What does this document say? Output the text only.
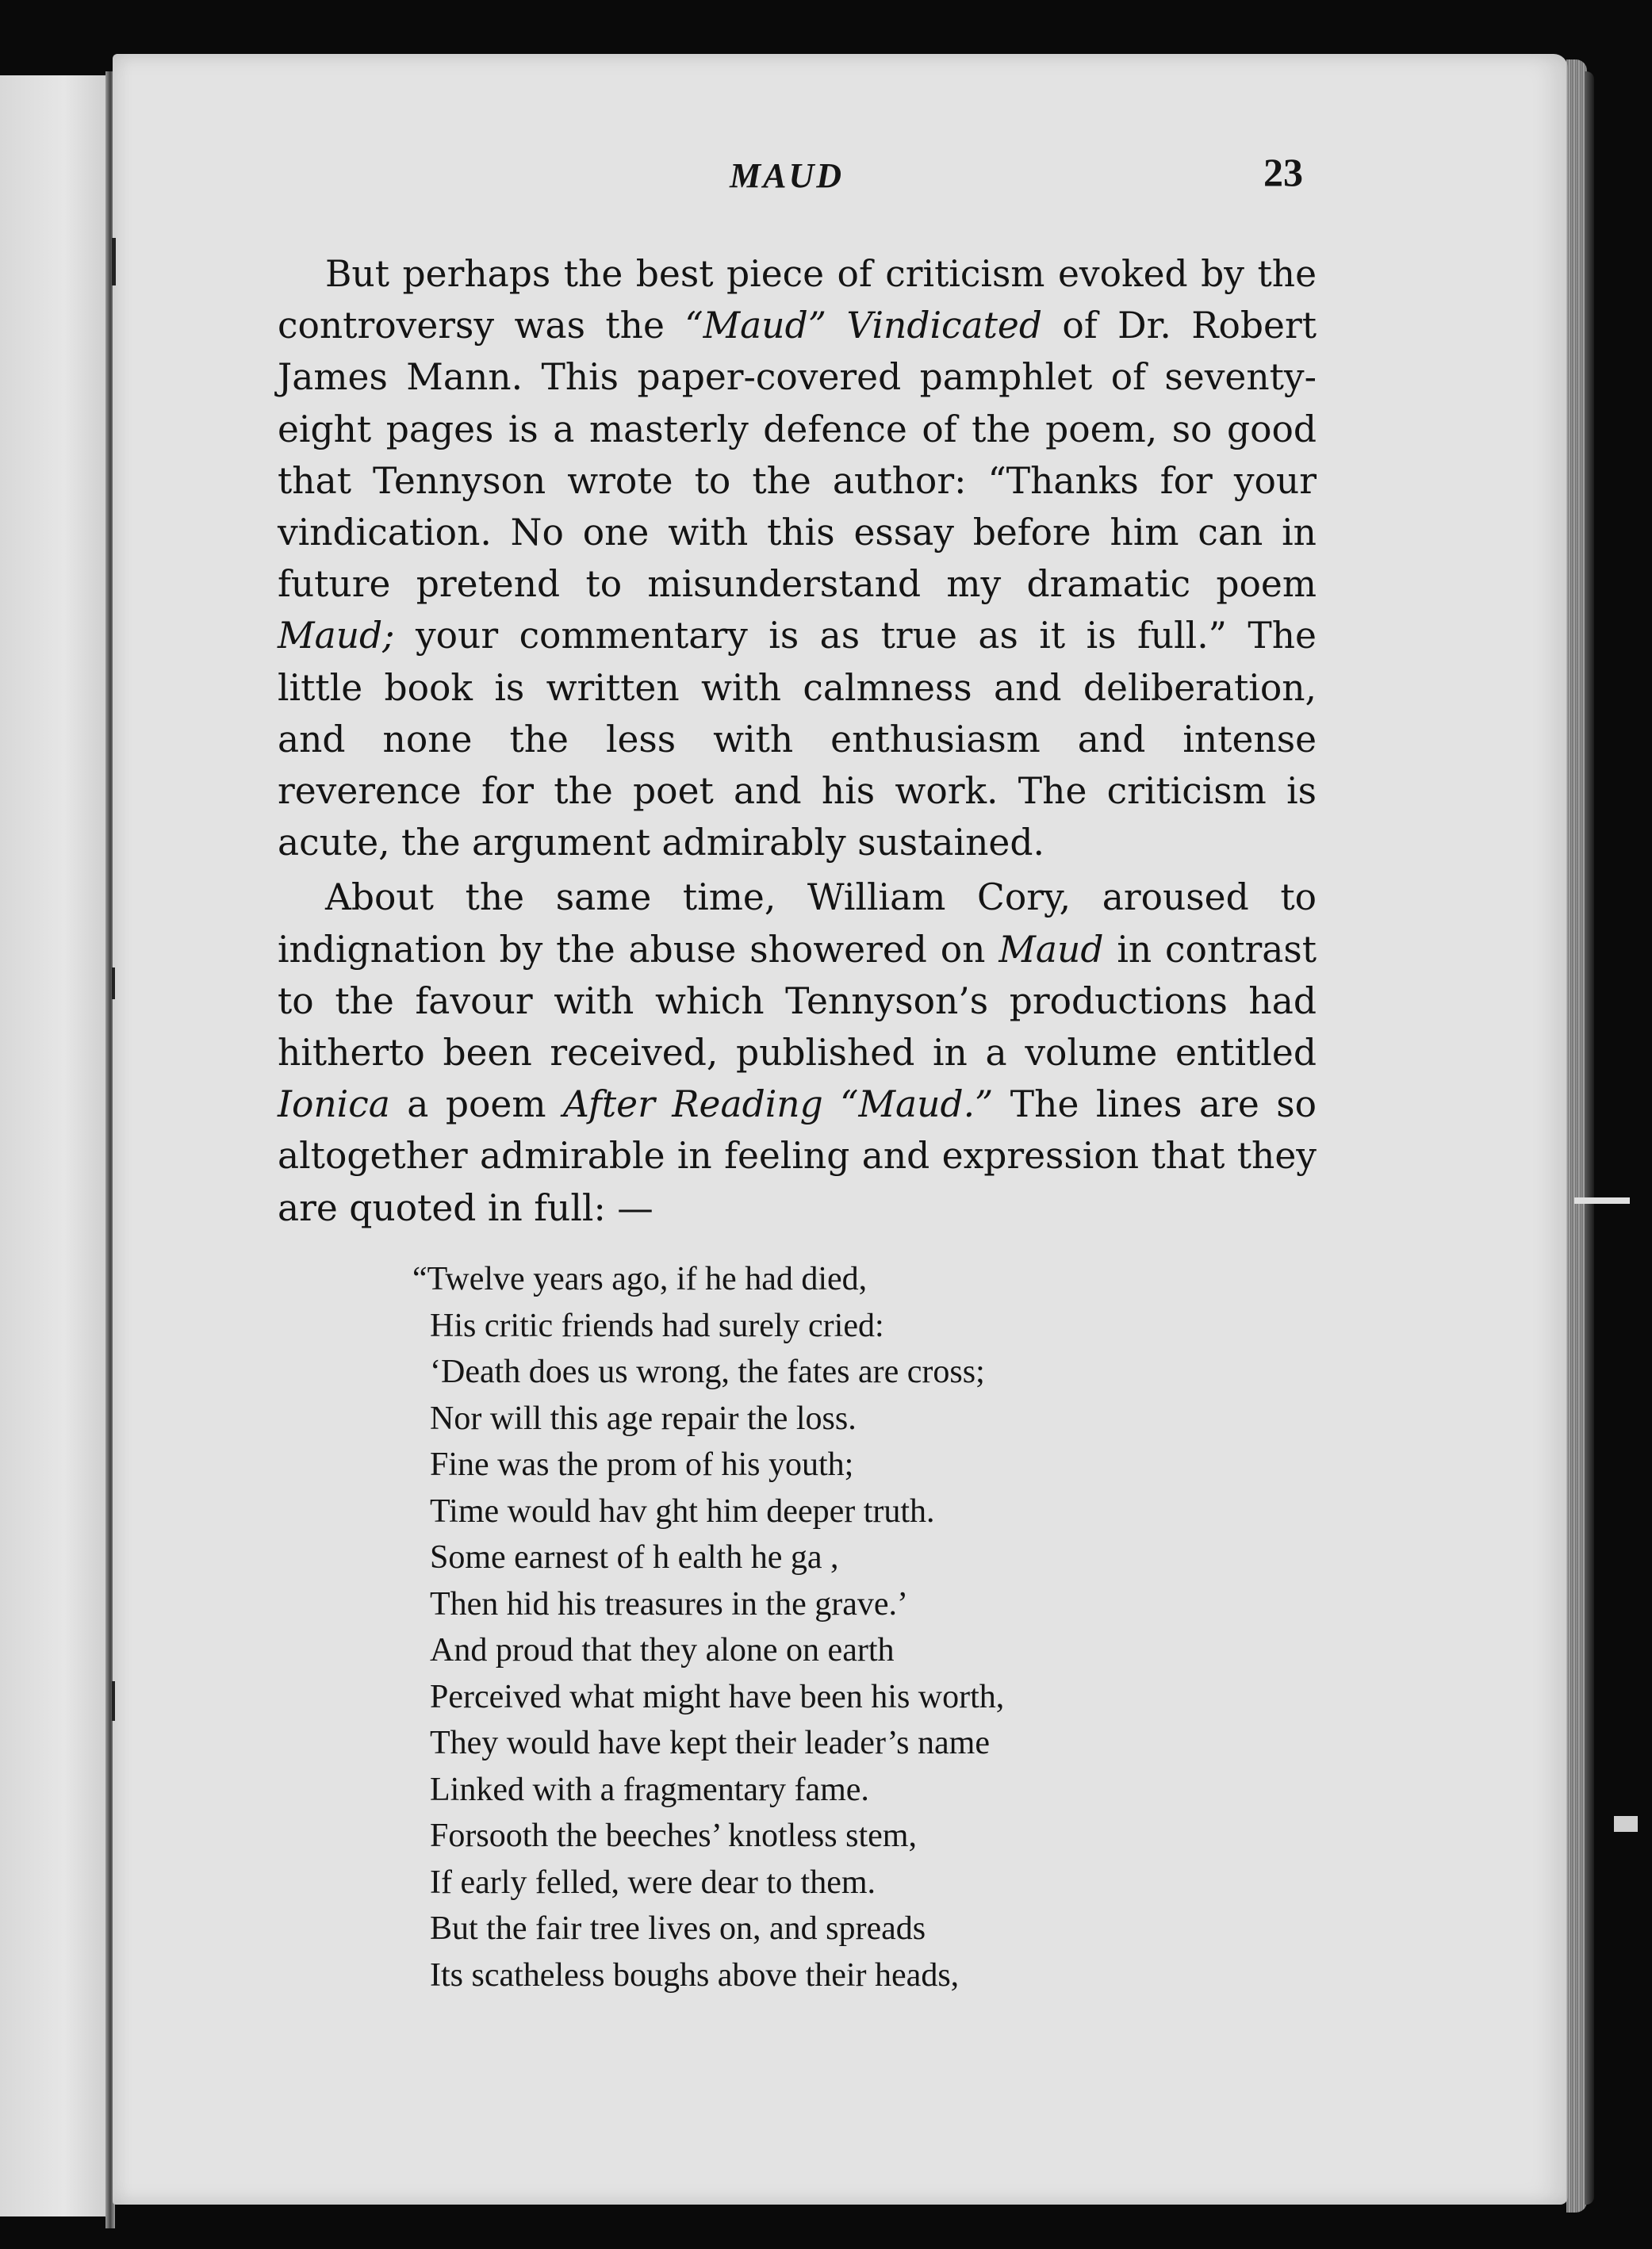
MAUD	23

But perhaps the best piece of criticism evoked by the controversy was the “Maud” Vindicated of Dr. Robert James Mann. This paper-covered pamphlet of seventy-eight pages is a masterly defence of the poem, so good that Tennyson wrote to the author: “Thanks for your vindication. No one with this essay before him can in future pretend to misunderstand my dramatic poem Maud; your commentary is as true as it is full.” The little book is written with calmness and deliberation, and none the less with enthusiasm and intense reverence for the poet and his work. The criticism is acute, the argument admirably sustained.

About the same time, William Cory, aroused to indignation by the abuse showered on Maud in contrast to the favour with which Tennyson’s productions had hitherto been received, published in a volume entitled Ionica a poem After Reading “Maud.” The lines are so altogether admirable in feeling and expression that they are quoted in full: —

“Twelve years ago, if he had died,
His critic friends had surely cried:
‘Death does us wrong, the fates are cross;
Nor will this age repair the loss.
Fine was the prom of his youth;
Time would hav ght him deeper truth.
Some earnest of h ealth he ga ,
Then hid his treasures in the grave.’
And proud that they alone on earth
Perceived what might have been his worth,
They would have kept their leader’s name
Linked with a fragmentary fame.
Forsooth the beeches’ knotless stem,
If early felled, were dear to them.
But the fair tree lives on, and spreads
Its scatheless boughs above their heads,
